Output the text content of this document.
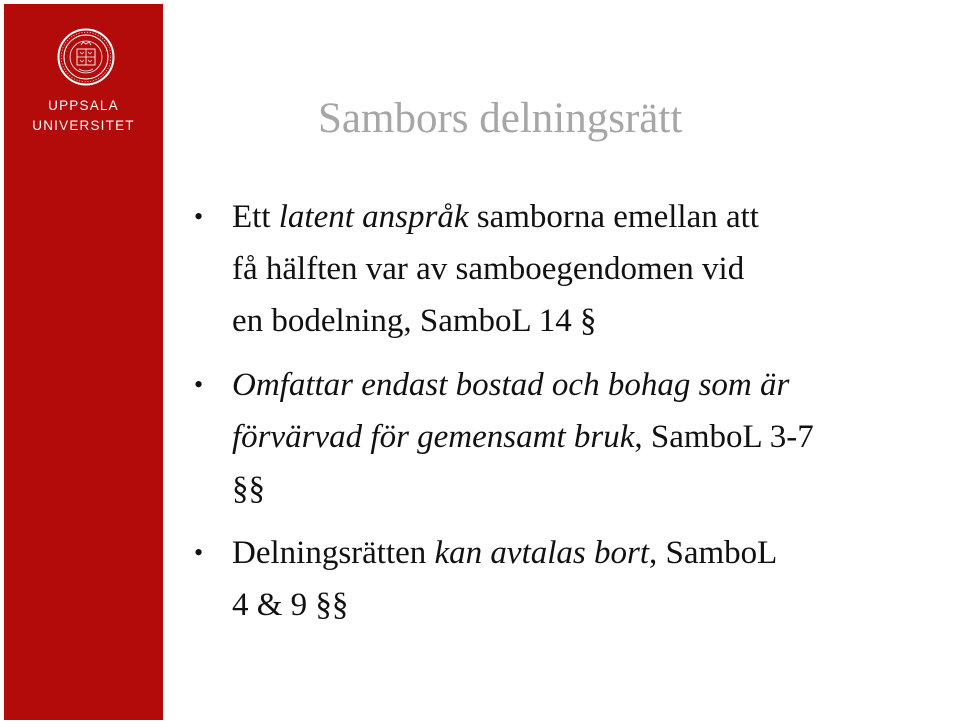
UPPSALA
UNIVERSITET	Sambors delningsrätt
• Ett latent anspråk samborna emellan att
få hälften var av samboegendomen vid
en bodelning, SamboL 14 §
• Omfattar endast bostad och bohag som är
förvärvad för gemensamt bruk, SamboL 3-7
§§
• Delningsrätten kan avtalas bort, SamboL
4 & 9 §§
